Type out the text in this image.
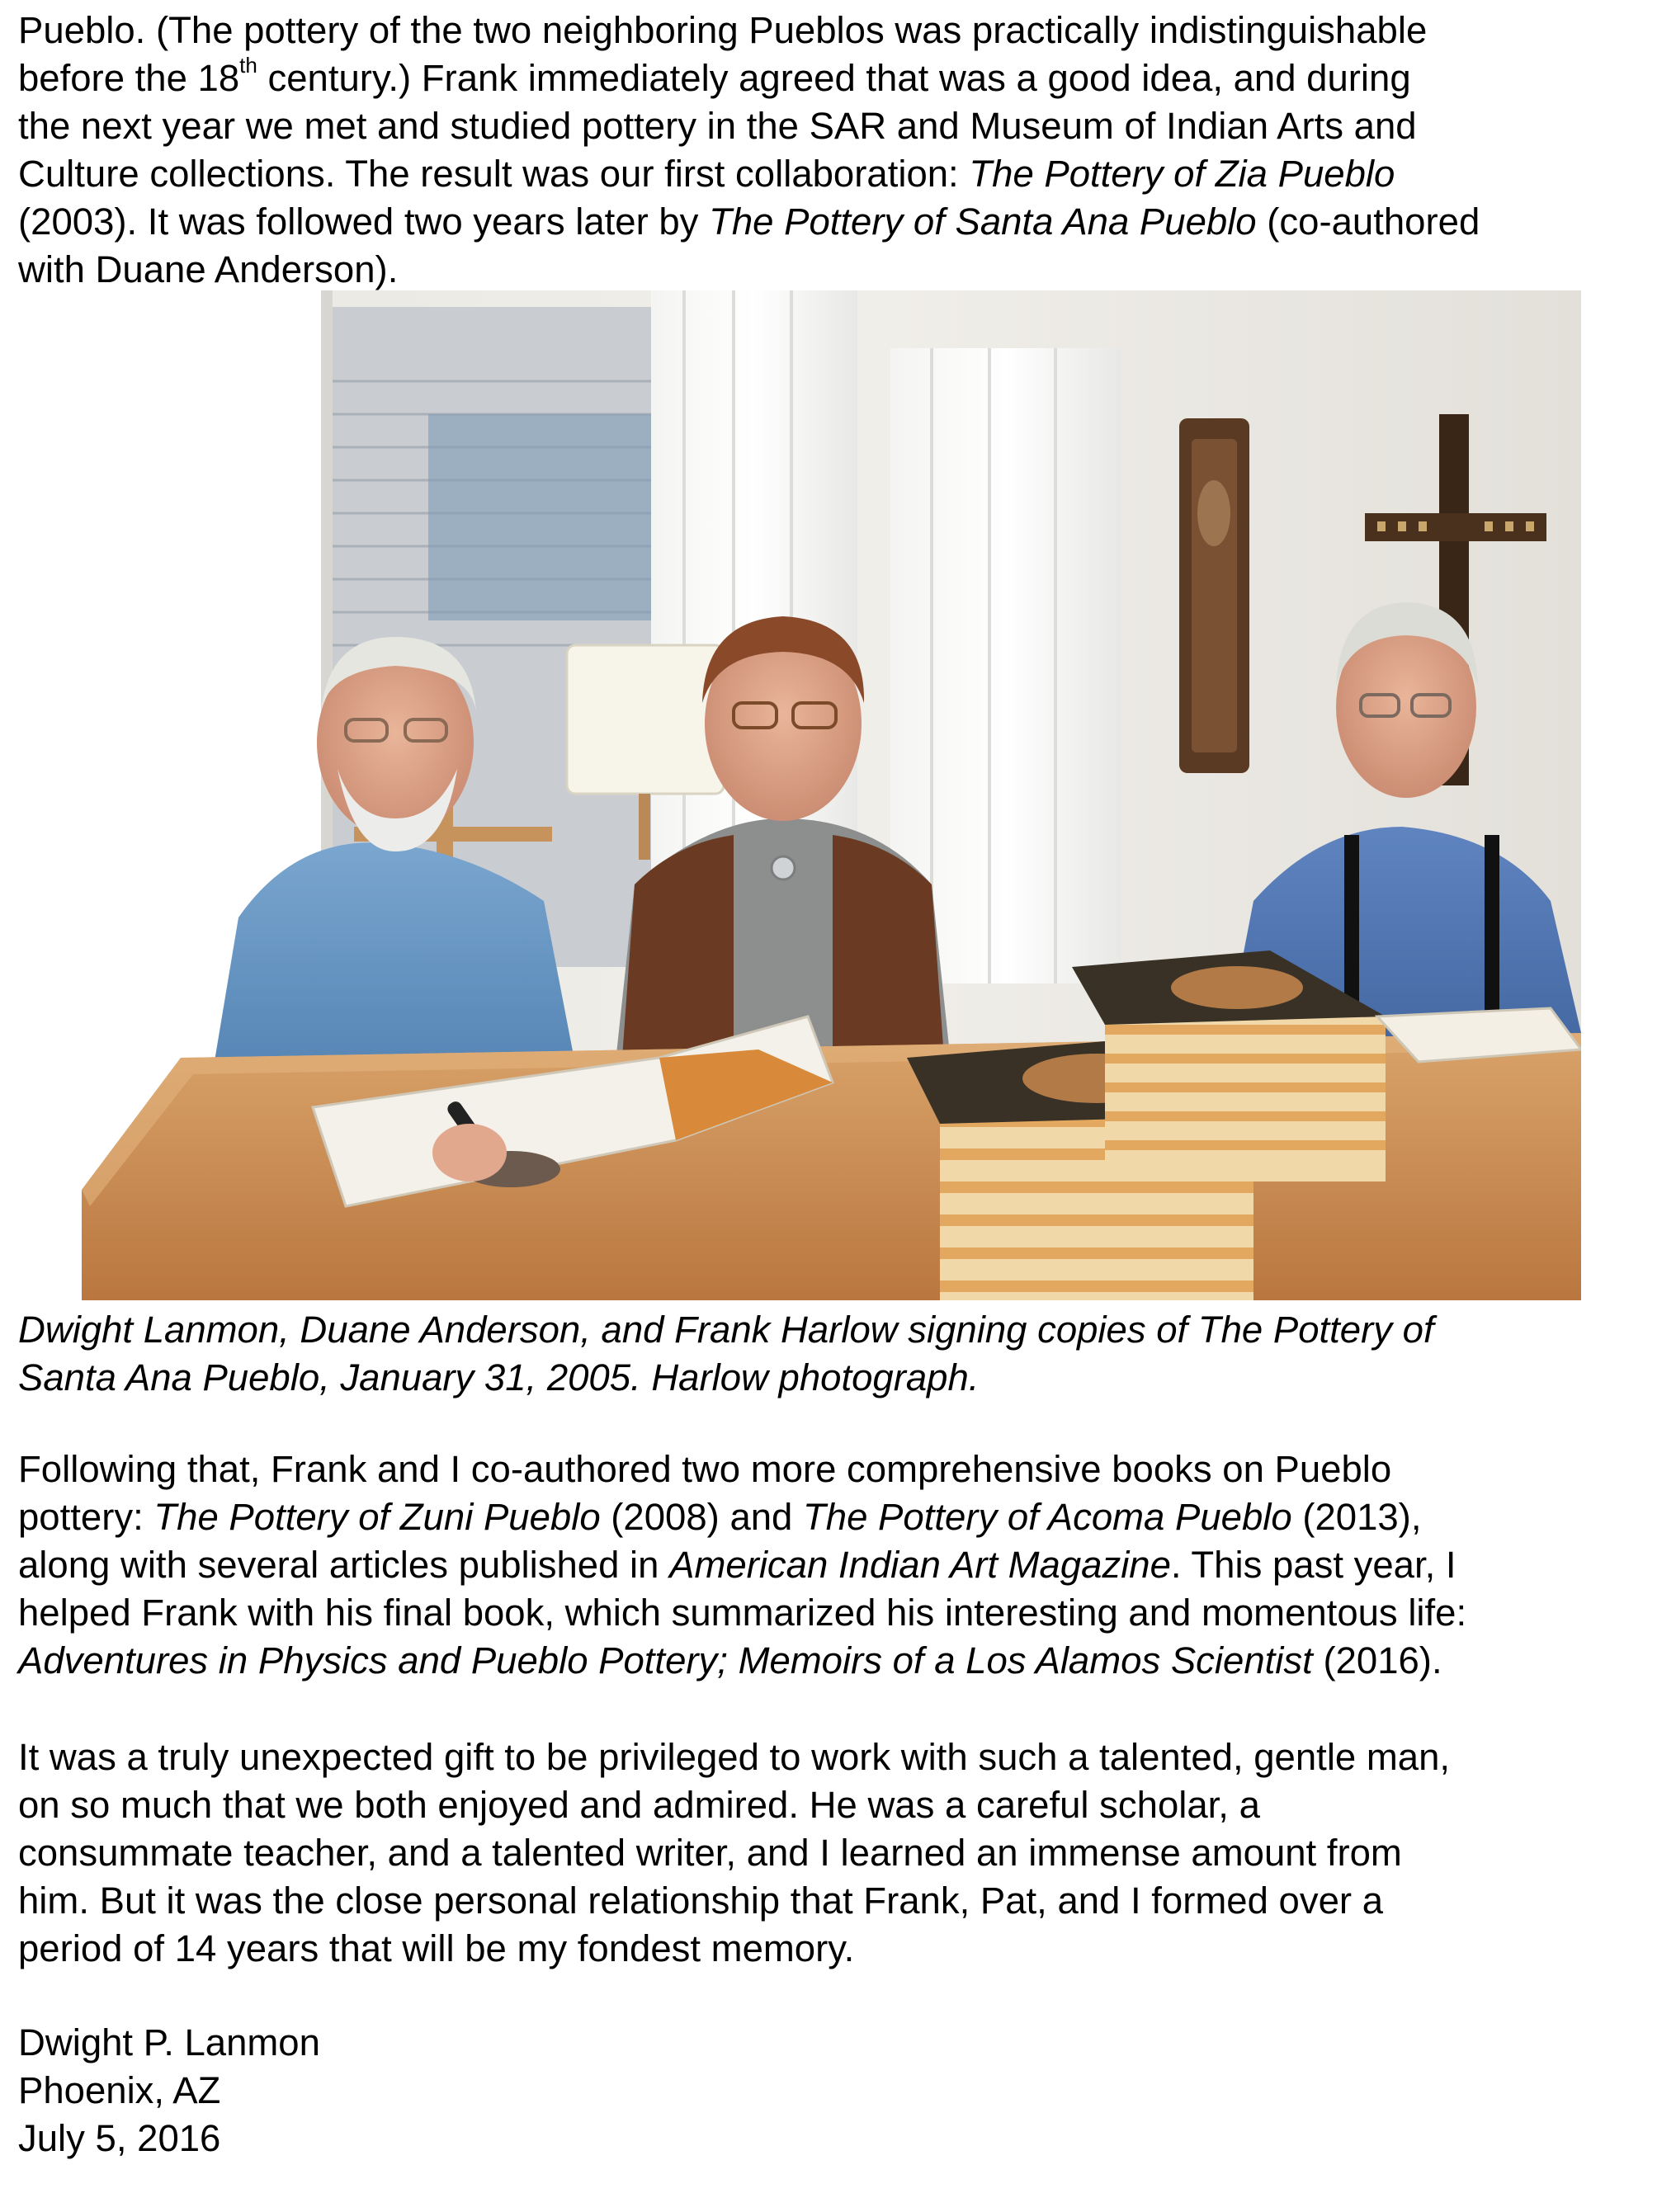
Pueblo. (The pottery of the two neighboring Pueblos was practically indistinguishable
before the 18th century.) Frank immediately agreed that was a good idea, and during
the next year we met and studied pottery in the SAR and Museum of Indian Arts and
Culture collections. The result was our first collaboration: The Pottery of Zia Pueblo
(2003). It was followed two years later by The Pottery of Santa Ana Pueblo (co-authored
with Duane Anderson).

Dwight Lanmon, Duane Anderson, and Frank Harlow signing copies of The Pottery of
Santa Ana Pueblo, January 31, 2005. Harlow photograph.

Following that, Frank and I co-authored two more comprehensive books on Pueblo
pottery: The Pottery of Zuni Pueblo (2008) and The Pottery of Acoma Pueblo (2013),
along with several articles published in American Indian Art Magazine. This past year, I
helped Frank with his final book, which summarized his interesting and momentous life:
Adventures in Physics and Pueblo Pottery; Memoirs of a Los Alamos Scientist (2016).

It was a truly unexpected gift to be privileged to work with such a talented, gentle man,
on so much that we both enjoyed and admired. He was a careful scholar, a
consummate teacher, and a talented writer, and I learned an immense amount from
him. But it was the close personal relationship that Frank, Pat, and I formed over a
period of 14 years that will be my fondest memory.

Dwight P. Lanmon
Phoenix, AZ
July 5, 2016
